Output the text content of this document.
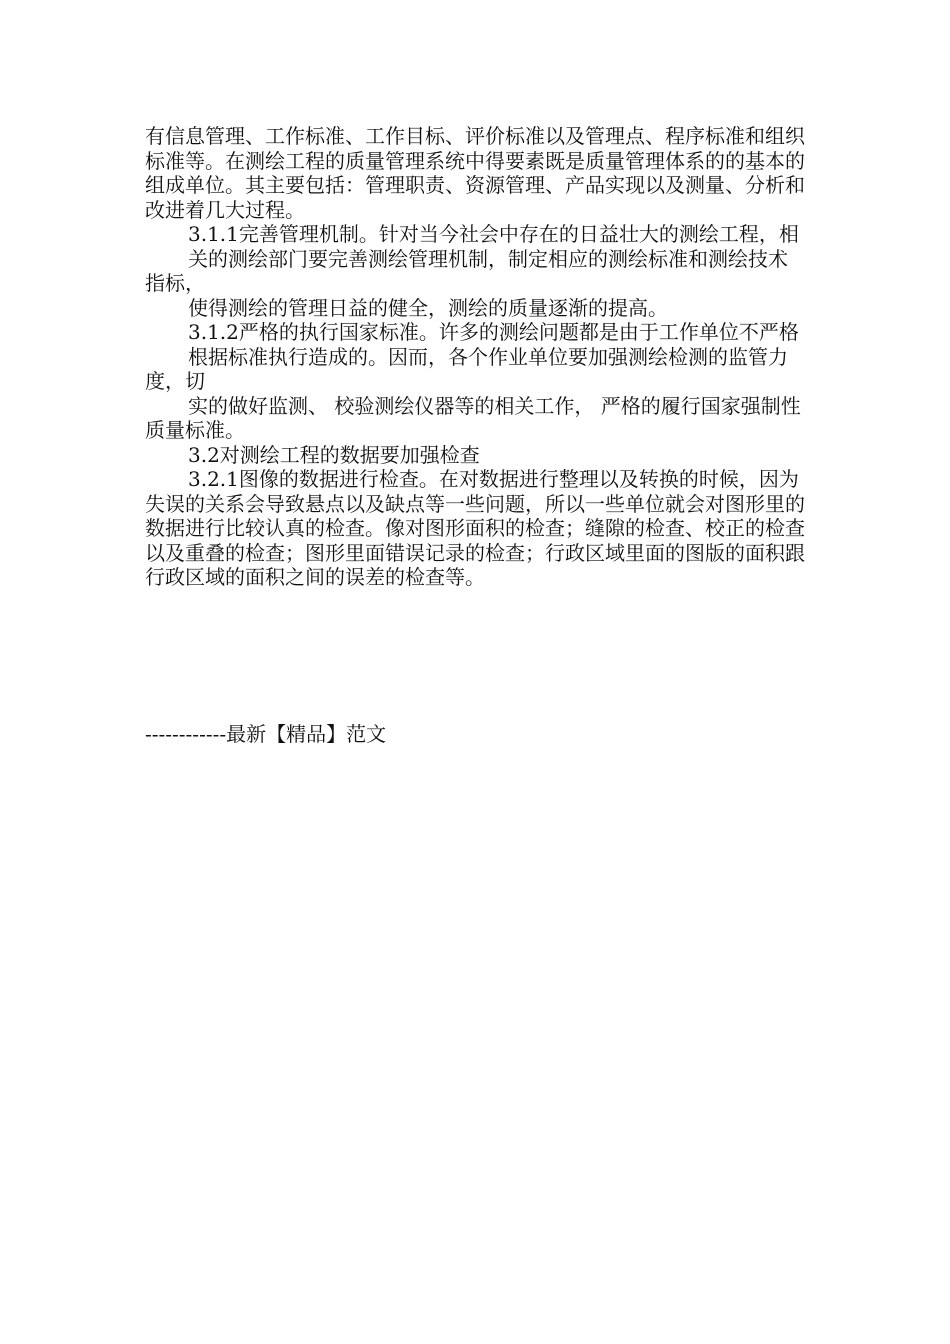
有信息管理、工作标准、工作目标、评价标准以及管理点、程序标准和组织标准等。在测绘工程的质量管理系统中得要素既是质量管理体系的的基本的组成单位。其主要包括：管理职责、资源管理、产品实现以及测量、分析和改进着几大过程。

3.1.1完善管理机制。针对当今社会中存在的日益壮大的测绘工程，相

关的测绘部门要完善测绘管理机制，制定相应的测绘标准和测绘技术指标，

使得测绘的管理日益的健全，测绘的质量逐渐的提高。

3.1.2严格的执行国家标准。许多的测绘问题都是由于工作单位不严格

根据标准执行造成的。因而，各个作业单位要加强测绘检测的监管力度，切

实的做好监测、 校验测绘仪器等的相关工作， 严格的履行国家强制性质量标准。

3.2对测绘工程的数据要加强检查

3.2.1图像的数据进行检查。在对数据进行整理以及转换的时候，因为失误的关系会导致悬点以及缺点等一些问题，所以一些单位就会对图形里的数据进行比较认真的检查。像对图形面积的检查；缝隙的检查、校正的检查以及重叠的检查；图形里面错误记录的检查；行政区域里面的图版的面积跟行政区域的面积之间的误差的检查等。

------------最新【精品】范文
